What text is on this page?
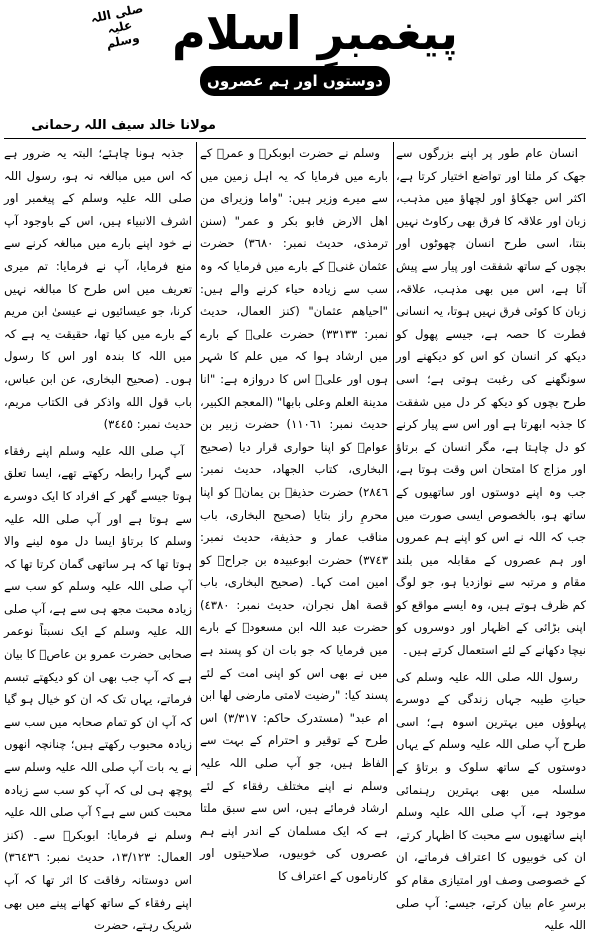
صلی اللہ علیہ وسلم پیغمبرِ اسلام
دوستوں اور ہم عصروں کے ساتھ
مولانا خالد سیف اللہ رحمانی

انسان عام طور پر اپنے بزرگوں سے جھک کر ملتا اور تواضع اختیار کرتا ہے، اکثر اس جھکاؤ اور لچھاؤ میں مذہب، زبان اور علاقہ کا فرق بھی رکاوٹ نہیں بنتا، اسی طرح انسان چھوٹوں اور بچوں کے ساتھ شفقت اور پیار سے پیش آتا ہے، اس میں بھی مذہب، علاقہ، زبان کا کوئی فرق نہیں ہوتا، یہ انسانی فطرت کا حصہ ہے، جیسے پھول کو دیکھ کر انسان کو اس کو دیکھنے اور سونگھنے کی رغبت ہوتی ہے؛ اسی طرح بچوں کو دیکھ کر دل میں شفقت کا جذبہ ابھرتا ہے اور اس سے پیار کرنے کو دل چاہتا ہے، مگر انسان کے برتاؤ اور مزاج کا امتحان اس وقت ہوتا ہے، جب وہ اپنے دوستوں اور ساتھیوں کے ساتھ ہو، بالخصوص ایسی صورت میں جب کہ اللہ نے اس کو اپنے ہم عمروں اور ہم عصروں کے مقابلہ میں بلند مقام و مرتبہ سے نوازدیا ہو، جو لوگ کم ظرف ہوتے ہیں، وہ ایسے مواقع کو اپنی بڑائی کے اظہار اور دوسروں کو نیچا دکھانے کے لئے استعمال کرتے ہیں۔

رسول اللہ صلی اللہ علیہ وسلم کی حیاتِ طیبہ جہاں زندگی کے دوسرے پہلوؤں میں بہترین اسوہ ہے؛ اسی طرح آپ صلی اللہ علیہ وسلم کے یہاں دوستوں کے ساتھ سلوک و برتاؤ کے سلسلہ میں بھی بہترین رہنمائی موجود ہے، آپ صلی اللہ علیہ وسلم اپنے ساتھیوں سے محبت کا اظہار کرتے، ان کی خوبیوں کا اعتراف فرماتے، ان کے خصوصی وصف اور امتیازی مقام کو برسرِ عام بیان کرتے، جیسے: آپ صلی اللہ علیہ

وسلم نے حضرت ابوبکرؓ و عمرؓ کے بارے میں فرمایا کہ یہ اہل زمین میں سے میرے وزیر ہیں: "واما وزیرای من اهل الارض فابو بکر و عمر" (سنن ترمذی، حدیث نمبر: ٣٦٨٠) حضرت عثمان غنیؓ کے بارے میں فرمایا کہ وہ سب سے زیادہ حیاء کرنے والے ہیں: "احیاهم عثمان" (کنز العمال، حدیث نمبر: ٣٣١٣٣) حضرت علیؓ کے بارے میں ارشاد ہوا کہ میں علم کا شہر ہوں اور علیؓ اس کا دروازہ ہے: "انا مدینة العلم وعلی بابها" (المعجم الکبیر، حدیث نمبر: ١١٠٦١) حضرت زبیر بن عوامؓ کو اپنا حواری قرار دیا (صحیح البخاری، کتاب الجهاد، حدیث نمبر: ٢٨٤٦) حضرت حذیفہ بن یمانؓ کو اپنا محرمِ راز بتایا (صحیح البخاری، باب مناقب عمار و حذیفة، حدیث نمبر: ٣٧٤٣) حضرت ابوعبیدہ بن جراحؓ کو امین امت کہا۔ (صحیح البخاری، باب قصة اهل نجران، حدیث نمبر: ٤٣٨٠) حضرت عبد اللہ ابن مسعودؓ کے بارے میں فرمایا کہ جو بات ان کو پسند ہے میں نے بھی اس کو اپنی امت کے لئے پسند کیا: "رضیت لامتی مارضی لها ابن ام عبد" (مستدرک حاکم: ٣/٣١٧) اس طرح کے توقیر و احترام کے بہت سے الفاظ ہیں، جو آپ صلی اللہ علیہ وسلم نے اپنے مختلف رفقاء کے لئے ارشاد فرمائے ہیں، اس سے سبق ملتا ہے کہ ایک مسلمان کے اندر اپنے ہم عصروں کی خوبیوں، صلاحیتوں اور کارناموں کے اعتراف کا

جذبہ ہونا چاہئے؛ البتہ یہ ضرور ہے کہ اس میں مبالغہ نہ ہو، رسول اللہ صلی اللہ علیہ وسلم کے پیغمبر اور اشرف الانبیاء ہیں، اس کے باوجود آپ نے خود اپنے بارے میں مبالغہ کرنے سے منع فرمایا، آپ نے فرمایا: تم میری تعریف میں اس طرح کا مبالغہ نہیں کرنا، جو عیسائیوں نے عیسیٰ ابن مریم کے بارے میں کیا تھا، حقیقت یہ ہے کہ میں اللہ کا بندہ اور اس کا رسول ہوں۔ (صحیح البخاری، عن ابن عباس، باب قول الله واذکر فی الکتاب مریم، حدیث نمبر: ٣٤٤٥)

آپ صلی اللہ علیہ وسلم اپنے رفقاء سے گہرا رابطہ رکھتے تھے، ایسا تعلق ہوتا جیسے گھر کے افراد کا ایک دوسرے سے ہوتا ہے اور آپ صلی اللہ علیہ وسلم کا برتاؤ ایسا دل موہ لینے والا ہوتا تھا کہ ہر ساتھی گمان کرتا تھا کہ آپ صلی اللہ علیہ وسلم کو سب سے زیادہ محبت مجھ ہی سے ہے، آپ صلی اللہ علیہ وسلم کے ایک نسبتاً نوعمر صحابی حضرت عمرو بن عاصؓ کا بیان ہے کہ آپ جب بھی ان کو دیکھتے تبسم فرماتے، یہاں تک کہ ان کو خیال ہو گیا کہ آپ ان کو تمام صحابہ میں سب سے زیادہ محبوب رکھتے ہیں؛ چنانچہ انھوں نے یہ بات آپ صلی اللہ علیہ وسلم سے پوچھ ہی لی کہ آپ کو سب سے زیادہ محبت کس سے ہے؟ آپ صلی اللہ علیہ وسلم نے فرمایا: ابوبکرؓ سے۔ (کنز العمال: ١٣/١٢٣، حدیث نمبر: ٣٦٤٣٦) اس دوستانہ رفاقت کا اثر تھا کہ آپ اپنے رفقاء کے ساتھ کھانے پینے میں بھی شریک رہتے، حضرت
